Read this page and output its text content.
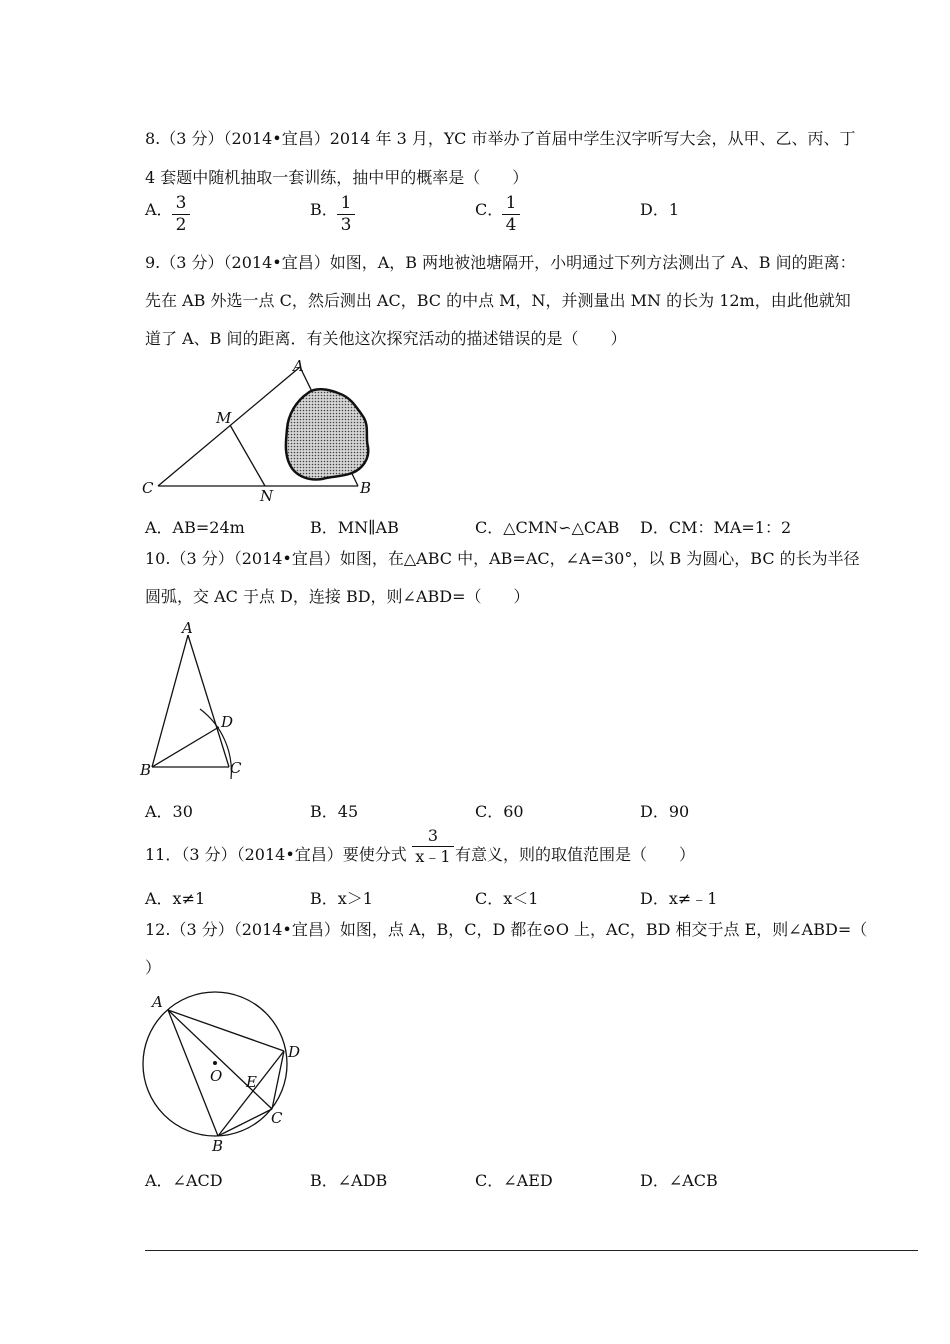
8.（3 分）（2014•宜昌）2014 年 3 月，YC 市举办了首届中学生汉字听写大会，从甲、乙、丙、丁
4 套题中随机抽取一套训练，抽中甲的概率是（　　）
A． 3
2
B． 1
3
C． 1
4
D．1
9.（3 分）（2014•宜昌）如图，A，B 两地被池塘隔开，小明通过下列方法测出了 A、B 间的距离：
先在 AB 外选一点 C，然后测出 AC，BC 的中点 M，N，并测量出 MN 的长为 12m，由此他就知
道了 A、B 间的距离．有关他这次探究活动的描述错误的是（　　）
A
B
C
M
N
A．AB=24m	B．MN∥AB	C．△CMN∽△CAB D．CM：MA=1：2
10.（3 分）（2014•宜昌）如图，在△ABC 中，AB=AC，∠A=30°，以 B 为圆心，BC 的长为半径
圆弧，交 AC 于点 D，连接 BD，则∠ABD=（　　）
A
B	C
D
A．30	B．45	C．60	D．90
11．（3 分）（2014•宜昌）要使分式
3
x﹣1 有意义，则的取值范围是（　　）
A．x≠1	B．x＞1	C．x＜1	D．x≠﹣1
12.（3 分）（2014•宜昌）如图，点 A，B，C，D 都在⊙O 上，AC，BD 相交于点 E，则∠ABD=（
）
A
B
C
D
E
O
A．∠ACD	B．∠ADB	C．∠AED	D．∠ACB
